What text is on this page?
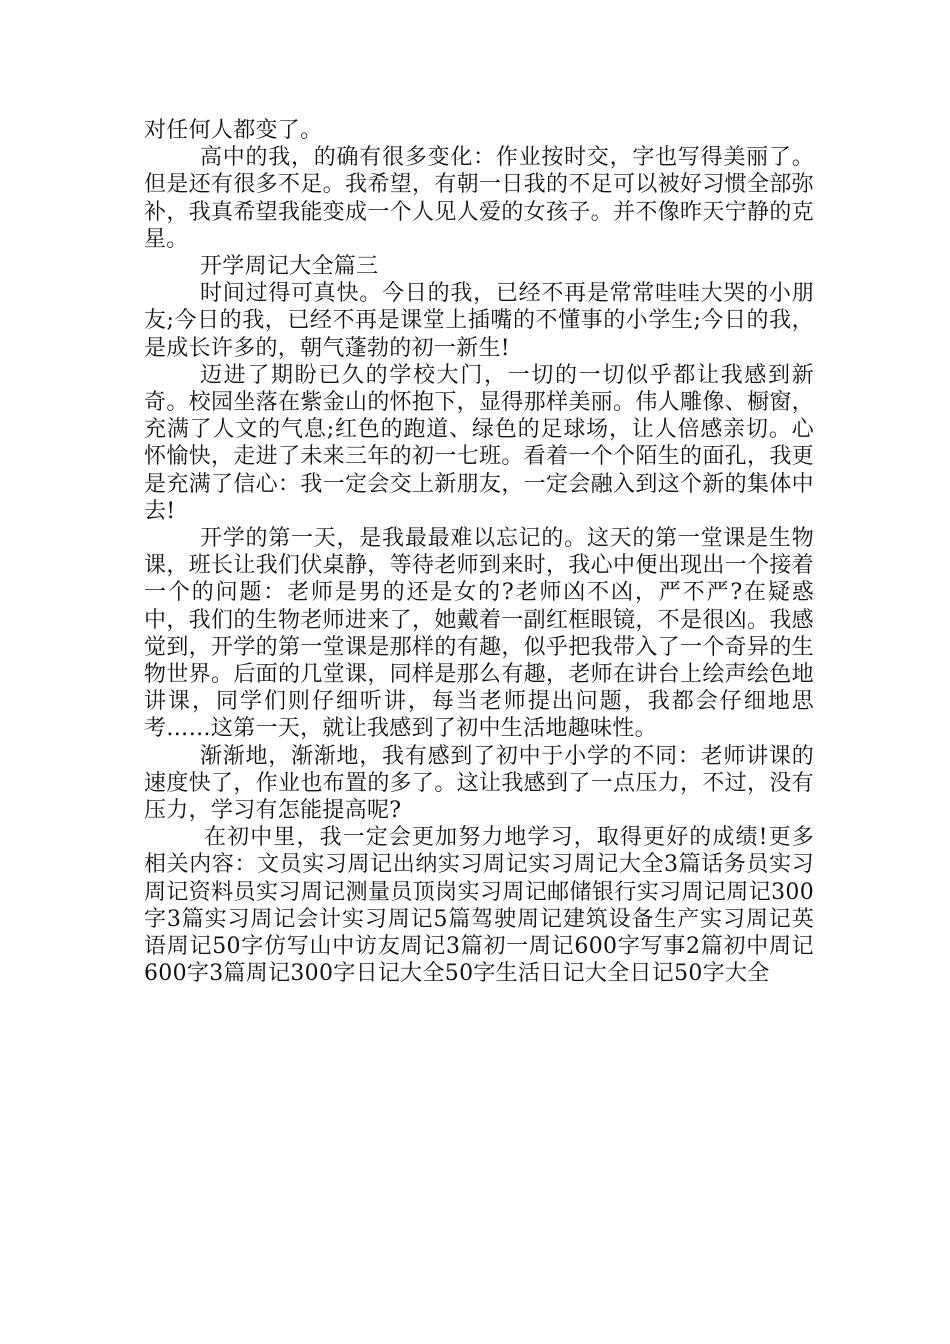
对任何人都变了。

高中的我，的确有很多变化：作业按时交，字也写得美丽了。但是还有很多不足。我希望，有朝一日我的不足可以被好习惯全部弥补，我真希望我能变成一个人见人爱的女孩子。并不像昨天宁静的克星。

开学周记大全篇三

时间过得可真快。今日的我，已经不再是常常哇哇大哭的小朋友;今日的我，已经不再是课堂上插嘴的不懂事的小学生;今日的我，是成长许多的，朝气蓬勃的初一新生!

迈进了期盼已久的学校大门，一切的一切似乎都让我感到新奇。校园坐落在紫金山的怀抱下，显得那样美丽。伟人雕像、橱窗，充满了人文的气息;红色的跑道、绿色的足球场，让人倍感亲切。心怀愉快，走进了未来三年的初一七班。看着一个个陌生的面孔，我更是充满了信心：我一定会交上新朋友，一定会融入到这个新的集体中去!

开学的第一天，是我最最难以忘记的。这天的第一堂课是生物课，班长让我们伏桌静，等待老师到来时，我心中便出现出一个接着一个的问题：老师是男的还是女的?老师凶不凶，严不严?在疑惑中，我们的生物老师进来了，她戴着一副红框眼镜，不是很凶。我感觉到，开学的第一堂课是那样的有趣，似乎把我带入了一个奇异的生物世界。后面的几堂课，同样是那么有趣，老师在讲台上绘声绘色地讲课，同学们则仔细听讲，每当老师提出问题，我都会仔细地思考……这第一天，就让我感到了初中生活地趣味性。

渐渐地，渐渐地，我有感到了初中于小学的不同：老师讲课的速度快了，作业也布置的多了。这让我感到了一点压力，不过，没有压力，学习有怎能提高呢?

在初中里，我一定会更加努力地学习，取得更好的成绩!更多相关内容：文员实习周记出纳实习周记实习周记大全3篇话务员实习周记资料员实习周记测量员顶岗实习周记邮储银行实习周记周记300字3篇实习周记会计实习周记5篇驾驶周记建筑设备生产实习周记英语周记50字仿写山中访友周记3篇初一周记600字写事2篇初中周记600字3篇周记300字日记大全50字生活日记大全日记50字大全
